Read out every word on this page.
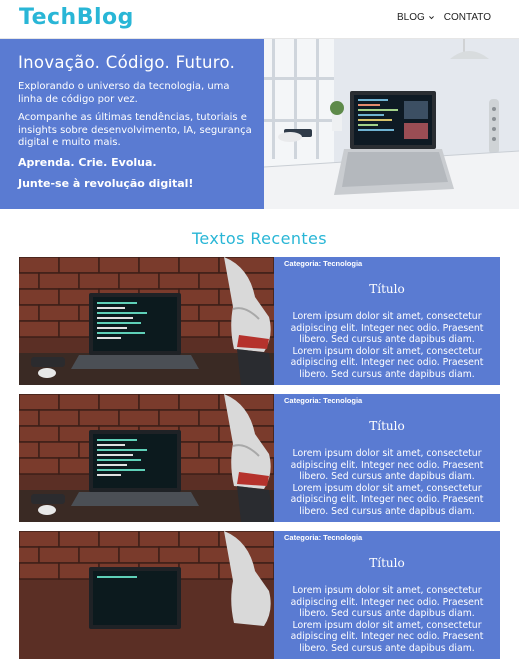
TechBlog	BLOG CONTATO
Inovação. Código. Futuro.

Explorando o universo da tecnologia, uma linha de código por vez.

Acompanhe as últimas tendências, tutoriais e insights sobre desenvolvimento, IA, segurança digital e muito mais.

Aprenda. Crie. Evolua.

Junte-se à revolução digital!

Textos Recentes

Categoria: Tecnologia

Título

Lorem ipsum dolor sit amet, consectetur adipiscing elit. Integer nec odio. Praesent libero. Sed cursus ante dapibus diam. Lorem ipsum dolor sit amet, consectetur adipiscing elit. Integer nec odio. Praesent libero. Sed cursus ante dapibus diam.

Categoria: Tecnologia

Título

Lorem ipsum dolor sit amet, consectetur adipiscing elit. Integer nec odio. Praesent libero. Sed cursus ante dapibus diam. Lorem ipsum dolor sit amet, consectetur adipiscing elit. Integer nec odio. Praesent libero. Sed cursus ante dapibus diam.

Categoria: Tecnologia

Título

Lorem ipsum dolor sit amet, consectetur adipiscing elit. Integer nec odio. Praesent libero. Sed cursus ante dapibus diam. Lorem ipsum dolor sit amet, consectetur adipiscing elit. Integer nec odio. Praesent libero. Sed cursus ante dapibus diam.
